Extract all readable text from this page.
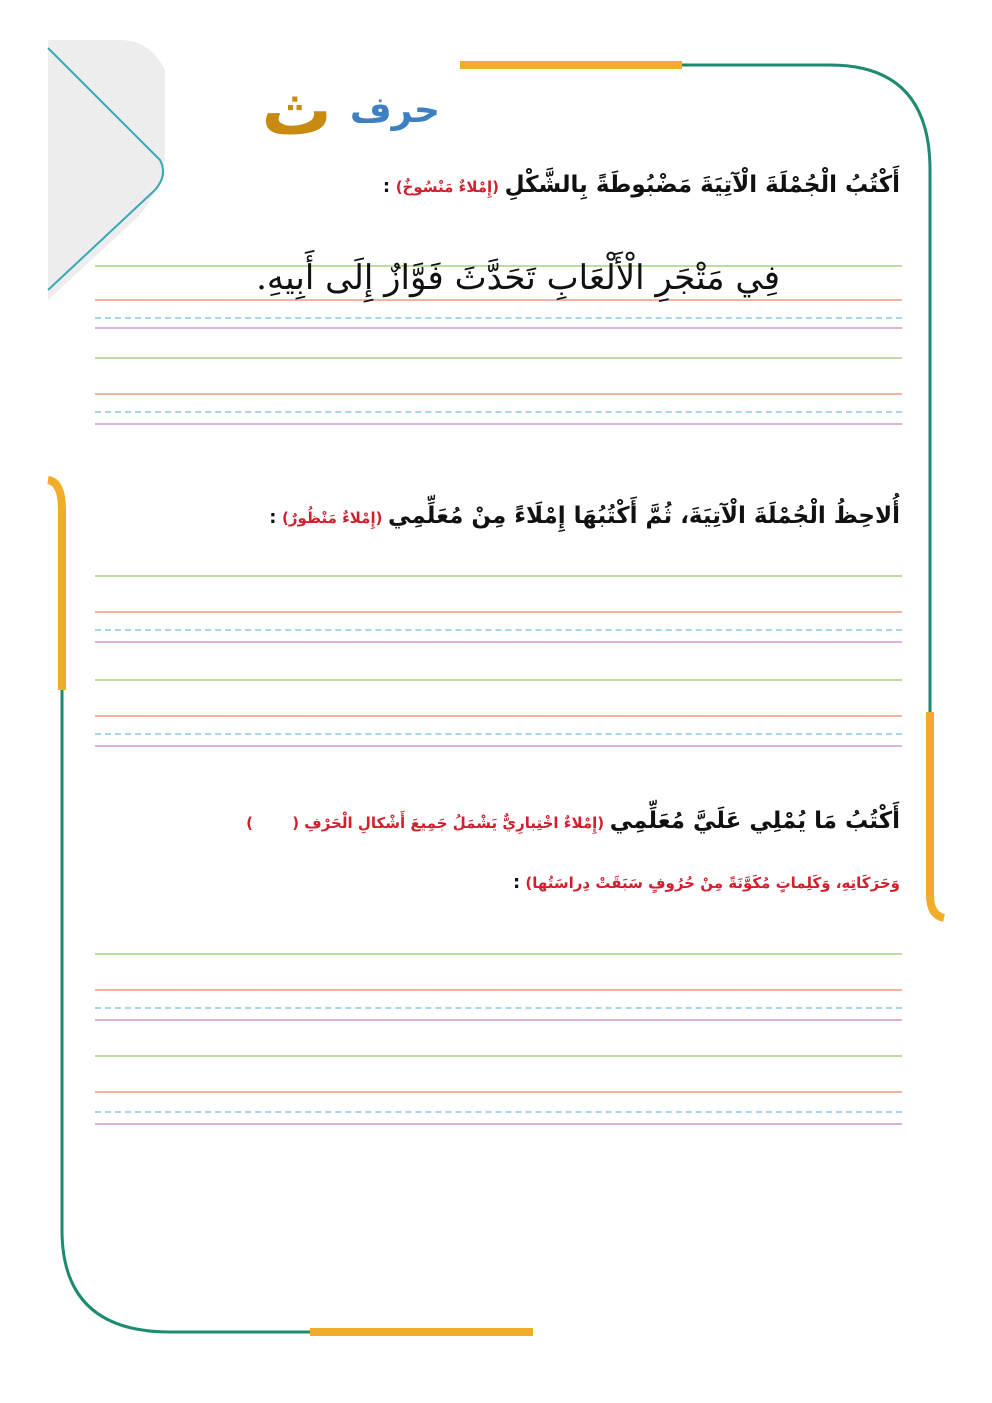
حرف
ث
أَكْتُبُ الْجُمْلَةَ الْآتِيَةَ مَضْبُوطَةً بِالشَّكْلِ (إِمْلاءٌ مَنْسُوخٌ) :
فِي مَتْجَرِ الْأَلْعَابِ تَحَدَّثَ فَوَّازٌ إِلَى أَبِيهِ.
أُلاحِظُ الْجُمْلَةَ الْآتِيَةَ، ثُمَّ أَكْتُبُهَا إِمْلَاءً مِنْ مُعَلِّمِي (إِمْلاءٌ مَنْظُورٌ) :
أَكْتُبُ مَا يُمْلِي عَلَيَّ مُعَلِّمِي (إِمْلاءٌ اخْتِبارِيٌّ يَشْمَلُ جَمِيعَ أَشْكالِ الْحَرْفِ (  )
وَحَرَكَاتِهِ، وَكَلِماتٍ مُكَوَّنَةً مِنْ حُرُوفٍ سَبَقَتْ دِراسَتُها) :
